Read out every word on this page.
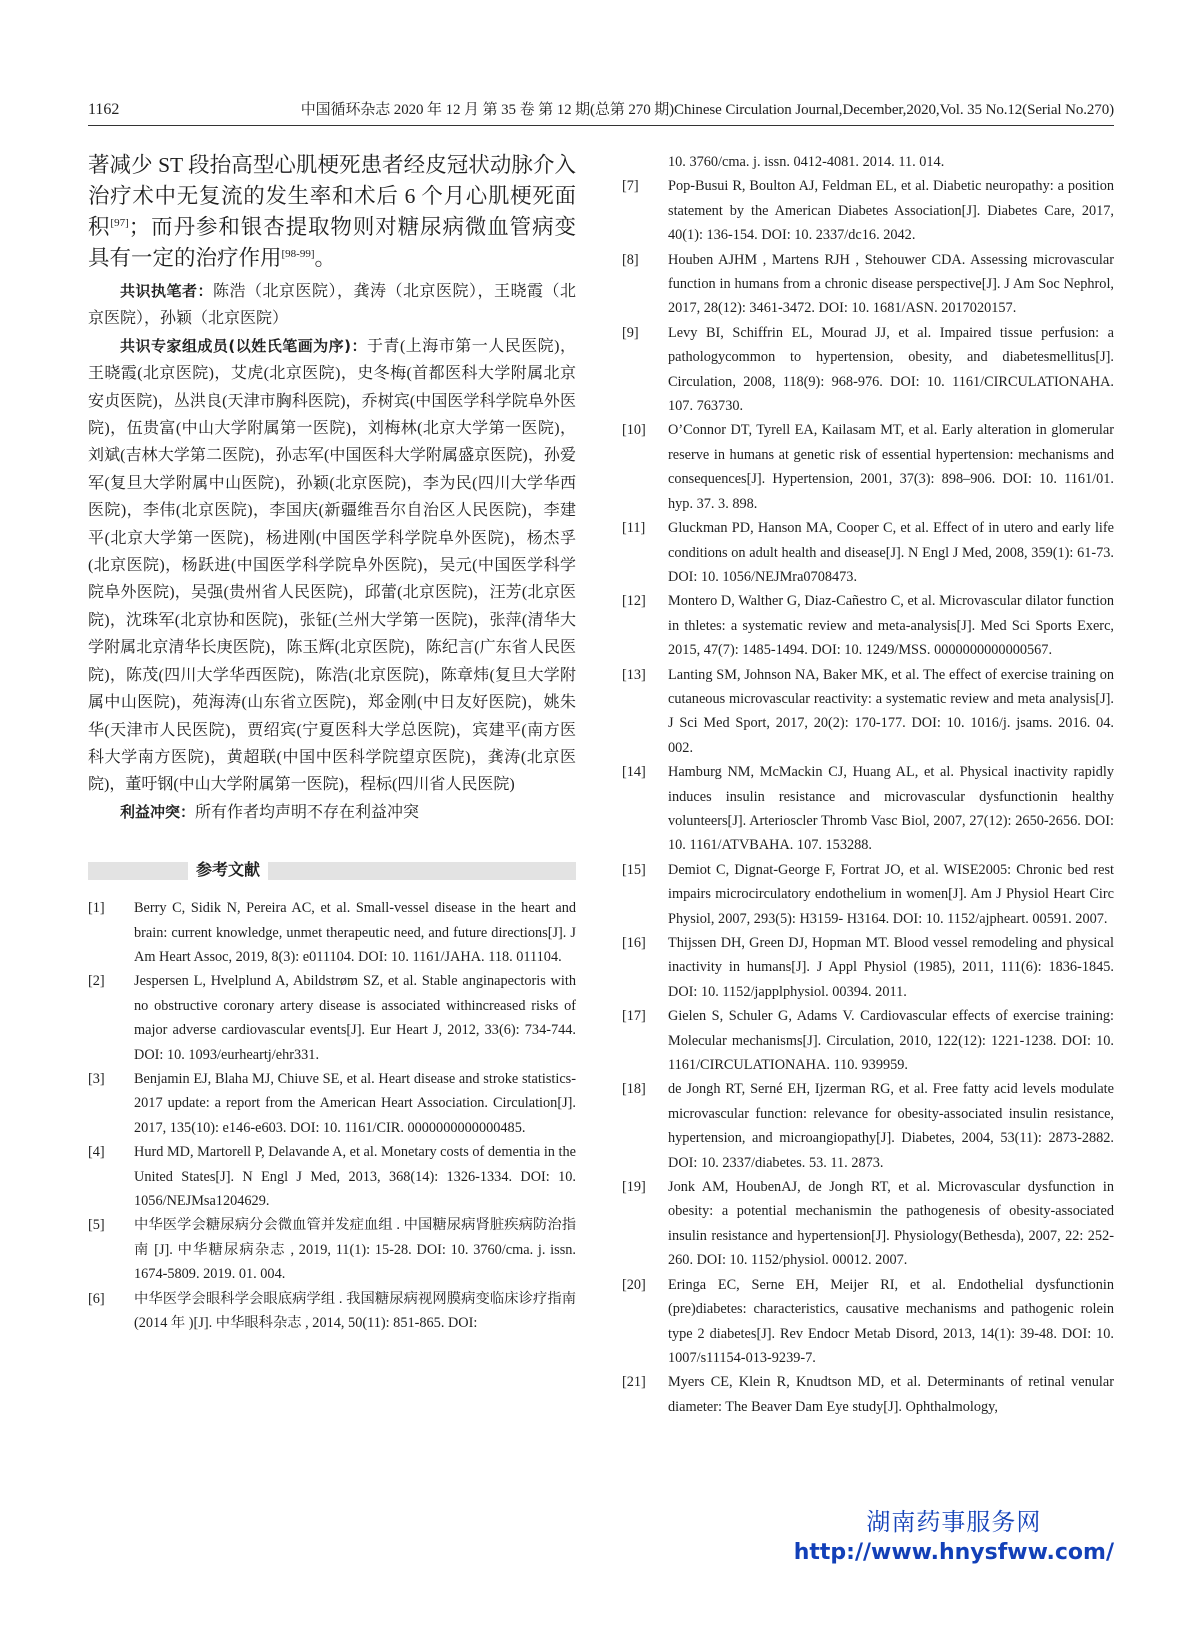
1162	中国循环杂志 2020 年 12 月 第 35 卷 第 12 期(总第 270 期)Chinese Circulation Journal,December,2020,Vol. 35 No.12(Serial No.270)

著减少 ST 段抬高型心肌梗死患者经皮冠状动脉介入治疗术中无复流的发生率和术后 6 个月心肌梗死面积[97]；而丹参和银杏提取物则对糖尿病微血管病变具有一定的治疗作用[98-99]。

共识执笔者：陈浩（北京医院），龚涛（北京医院），王晓霞（北京医院），孙颖（北京医院）

共识专家组成员(以姓氏笔画为序)：于青(上海市第一人民医院)，王晓霞(北京医院)，艾虎(北京医院)，史冬梅(首都医科大学附属北京安贞医院)，丛洪良(天津市胸科医院)，乔树宾(中国医学科学院阜外医院)，伍贵富(中山大学附属第一医院)，刘梅林(北京大学第一医院)，刘斌(吉林大学第二医院)，孙志军(中国医科大学附属盛京医院)，孙爱军(复旦大学附属中山医院)，孙颖(北京医院)，李为民(四川大学华西医院)，李伟(北京医院)，李国庆(新疆维吾尔自治区人民医院)，李建平(北京大学第一医院)，杨进刚(中国医学科学院阜外医院)，杨杰孚(北京医院)，杨跃进(中国医学科学院阜外医院)，吴元(中国医学科学院阜外医院)，吴强(贵州省人民医院)，邱蕾(北京医院)，汪芳(北京医院)，沈珠军(北京协和医院)，张钲(兰州大学第一医院)，张萍(清华大学附属北京清华长庚医院)，陈玉辉(北京医院)，陈纪言(广东省人民医院)，陈茂(四川大学华西医院)，陈浩(北京医院)，陈章炜(复旦大学附属中山医院)，苑海涛(山东省立医院)，郑金刚(中日友好医院)，姚朱华(天津市人民医院)，贾绍宾(宁夏医科大学总医院)，宾建平(南方医科大学南方医院)，黄超联(中国中医科学院望京医院)，龚涛(北京医院)，董吁钢(中山大学附属第一医院)，程标(四川省人民医院)

利益冲突：所有作者均声明不存在利益冲突

参考文献
[1]	Berry C, Sidik N, Pereira AC, et al. Small-vessel disease in the heart and brain: current knowledge, unmet therapeutic need, and future directions[J]. J Am Heart Assoc, 2019, 8(3): e011104. DOI: 10. 1161/JAHA. 118. 011104.
[2]	Jespersen L, Hvelplund A, Abildstrøm SZ, et al. Stable anginapectoris with no obstructive coronary artery disease is associated withincreased risks of major adverse cardiovascular events[J]. Eur Heart J, 2012, 33(6): 734-744. DOI: 10. 1093/eurheartj/ehr331.
[3]	Benjamin EJ, Blaha MJ, Chiuve SE, et al. Heart disease and stroke statistics-2017 update: a report from the American Heart Association. Circulation[J]. 2017, 135(10): e146-e603. DOI: 10. 1161/CIR. 0000000000000485.
[4]	Hurd MD, Martorell P, Delavande A, et al. Monetary costs of dementia in the United States[J]. N Engl J Med, 2013, 368(14): 1326-1334. DOI: 10. 1056/NEJMsa1204629.
[5]	中华医学会糖尿病分会微血管并发症血组 . 中国糖尿病肾脏疾病防治指南 [J]. 中华糖尿病杂志 , 2019, 11(1): 15-28. DOI: 10. 3760/cma. j. issn. 1674-5809. 2019. 01. 004.
[6]	中华医学会眼科学会眼底病学组 . 我国糖尿病视网膜病变临床诊疗指南 (2014 年 )[J]. 中华眼科杂志 , 2014, 50(11): 851-865. DOI:
10. 3760/cma. j. issn. 0412-4081. 2014. 11. 014.
[7]	Pop-Busui R, Boulton AJ, Feldman EL, et al. Diabetic neuropathy: a position statement by the American Diabetes Association[J]. Diabetes Care, 2017, 40(1): 136-154. DOI: 10. 2337/dc16. 2042.
[8]	Houben AJHM , Martens RJH , Stehouwer CDA. Assessing microvascular function in humans from a chronic disease perspective[J]. J Am Soc Nephrol, 2017, 28(12): 3461-3472. DOI: 10. 1681/ASN. 2017020157.
[9]	Levy BI, Schiffrin EL, Mourad JJ, et al. Impaired tissue perfusion: a pathologycommon to hypertension, obesity, and diabetesmellitus[J]. Circulation, 2008, 118(9): 968-976. DOI: 10. 1161/CIRCULATIONAHA. 107. 763730.
[10]	O’Connor DT, Tyrell EA, Kailasam MT, et al. Early alteration in glomerular reserve in humans at genetic risk of essential hypertension: mechanisms and consequences[J]. Hypertension, 2001, 37(3): 898–906. DOI: 10. 1161/01. hyp. 37. 3. 898.
[11]	Gluckman PD, Hanson MA, Cooper C, et al. Effect of in utero and early life conditions on adult health and disease[J]. N Engl J Med, 2008, 359(1): 61-73. DOI: 10. 1056/NEJMra0708473.
[12]	Montero D, Walther G, Diaz-Cañestro C, et al. Microvascular dilator function in thletes: a systematic review and meta-analysis[J]. Med Sci Sports Exerc, 2015, 47(7): 1485-1494. DOI: 10. 1249/MSS. 0000000000000567.
[13]	Lanting SM, Johnson NA, Baker MK, et al. The effect of exercise training on cutaneous microvascular reactivity: a systematic review and meta analysis[J]. J Sci Med Sport, 2017, 20(2): 170-177. DOI: 10. 1016/j. jsams. 2016. 04. 002.
[14]	Hamburg NM, McMackin CJ, Huang AL, et al. Physical inactivity rapidly induces insulin resistance and microvascular dysfunctionin healthy volunteers[J]. Arterioscler Thromb Vasc Biol, 2007, 27(12): 2650-2656. DOI: 10. 1161/ATVBAHA. 107. 153288.
[15]	Demiot C, Dignat-George F, Fortrat JO, et al. WISE2005: Chronic bed rest impairs microcirculatory endothelium in women[J]. Am J Physiol Heart Circ Physiol, 2007, 293(5): H3159- H3164. DOI: 10. 1152/ajpheart. 00591. 2007.
[16]	Thijssen DH, Green DJ, Hopman MT. Blood vessel remodeling and physical inactivity in humans[J]. J Appl Physiol (1985), 2011, 111(6): 1836-1845. DOI: 10. 1152/japplphysiol. 00394. 2011.
[17]	Gielen S, Schuler G, Adams V. Cardiovascular effects of exercise training: Molecular mechanisms[J]. Circulation, 2010, 122(12): 1221-1238. DOI: 10. 1161/CIRCULATIONAHA. 110. 939959.
[18]	de Jongh RT, Serné EH, Ijzerman RG, et al. Free fatty acid levels modulate microvascular function: relevance for obesity-associated insulin resistance, hypertension, and microangiopathy[J]. Diabetes, 2004, 53(11): 2873-2882. DOI: 10. 2337/diabetes. 53. 11. 2873.
[19]	Jonk AM, HoubenAJ, de Jongh RT, et al. Microvascular dysfunction in obesity: a potential mechanismin the pathogenesis of obesity-associated insulin resistance and hypertension[J]. Physiology(Bethesda), 2007, 22: 252-260. DOI: 10. 1152/physiol. 00012. 2007.
[20]	Eringa EC, Serne EH, Meijer RI, et al. Endothelial dysfunctionin (pre)diabetes: characteristics, causative mechanisms and pathogenic rolein type 2 diabetes[J]. Rev Endocr Metab Disord, 2013, 14(1): 39-48. DOI: 10. 1007/s11154-013-9239-7.
[21]	Myers CE, Klein R, Knudtson MD, et al. Determinants of retinal venular diameter: The Beaver Dam Eye study[J]. Ophthalmology,
湖南药事服务网
http://www.hnysfww.com/
